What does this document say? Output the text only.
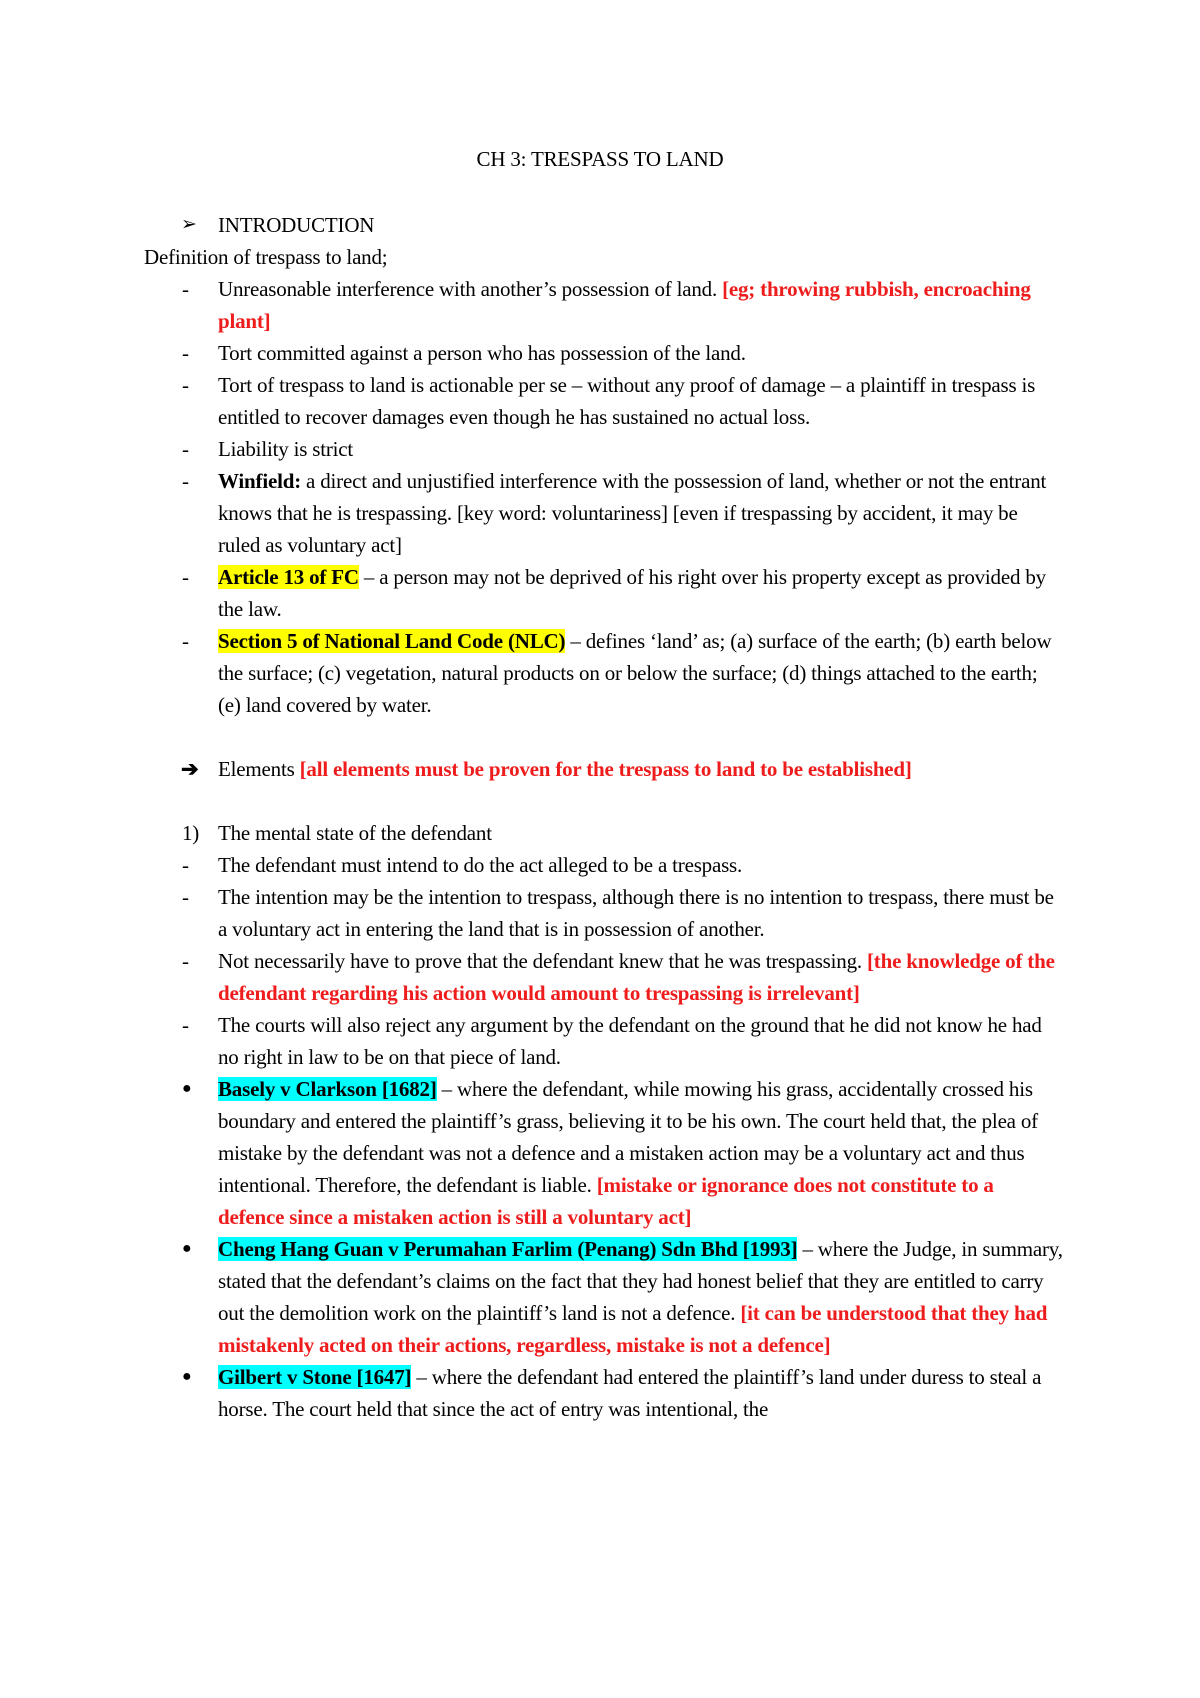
CH 3: TRESPASS TO LAND
➢ INTRODUCTION
Definition of trespass to land;
- Unreasonable interference with another’s possession of land. [eg; throwing rubbish, encroaching plant]
- Tort committed against a person who has possession of the land.
- Tort of trespass to land is actionable per se – without any proof of damage – a plaintiff in trespass is entitled to recover damages even though he has sustained no actual loss.
- Liability is strict
- Winfield: a direct and unjustified interference with the possession of land, whether or not the entrant knows that he is trespassing. [key word: voluntariness] [even if trespassing by accident, it may be ruled as voluntary act]
- Article 13 of FC – a person may not be deprived of his right over his property except as provided by the law.
- Section 5 of National Land Code (NLC) – defines ‘land’ as; (a) surface of the earth; (b) earth below the surface; (c) vegetation, natural products on or below the surface; (d) things attached to the earth; (e) land covered by water.
➔ Elements [all elements must be proven for the trespass to land to be established]
1) The mental state of the defendant
- The defendant must intend to do the act alleged to be a trespass.
- The intention may be the intention to trespass, although there is no intention to trespass, there must be a voluntary act in entering the land that is in possession of another.
- Not necessarily have to prove that the defendant knew that he was trespassing. [the knowledge of the defendant regarding his action would amount to trespassing is irrelevant]
- The courts will also reject any argument by the defendant on the ground that he did not know he had no right in law to be on that piece of land.
● Basely v Clarkson [1682] – where the defendant, while mowing his grass, accidentally crossed his boundary and entered the plaintiff’s grass, believing it to be his own. The court held that, the plea of mistake by the defendant was not a defence and a mistaken action may be a voluntary act and thus intentional. Therefore, the defendant is liable. [mistake or ignorance does not constitute to a defence since a mistaken action is still a voluntary act]
● Cheng Hang Guan v Perumahan Farlim (Penang) Sdn Bhd [1993] – where the Judge, in summary, stated that the defendant’s claims on the fact that they had honest belief that they are entitled to carry out the demolition work on the plaintiff’s land is not a defence. [it can be understood that they had mistakenly acted on their actions, regardless, mistake is not a defence]
● Gilbert v Stone [1647] – where the defendant had entered the plaintiff’s land under duress to steal a horse. The court held that since the act of entry was intentional, the
